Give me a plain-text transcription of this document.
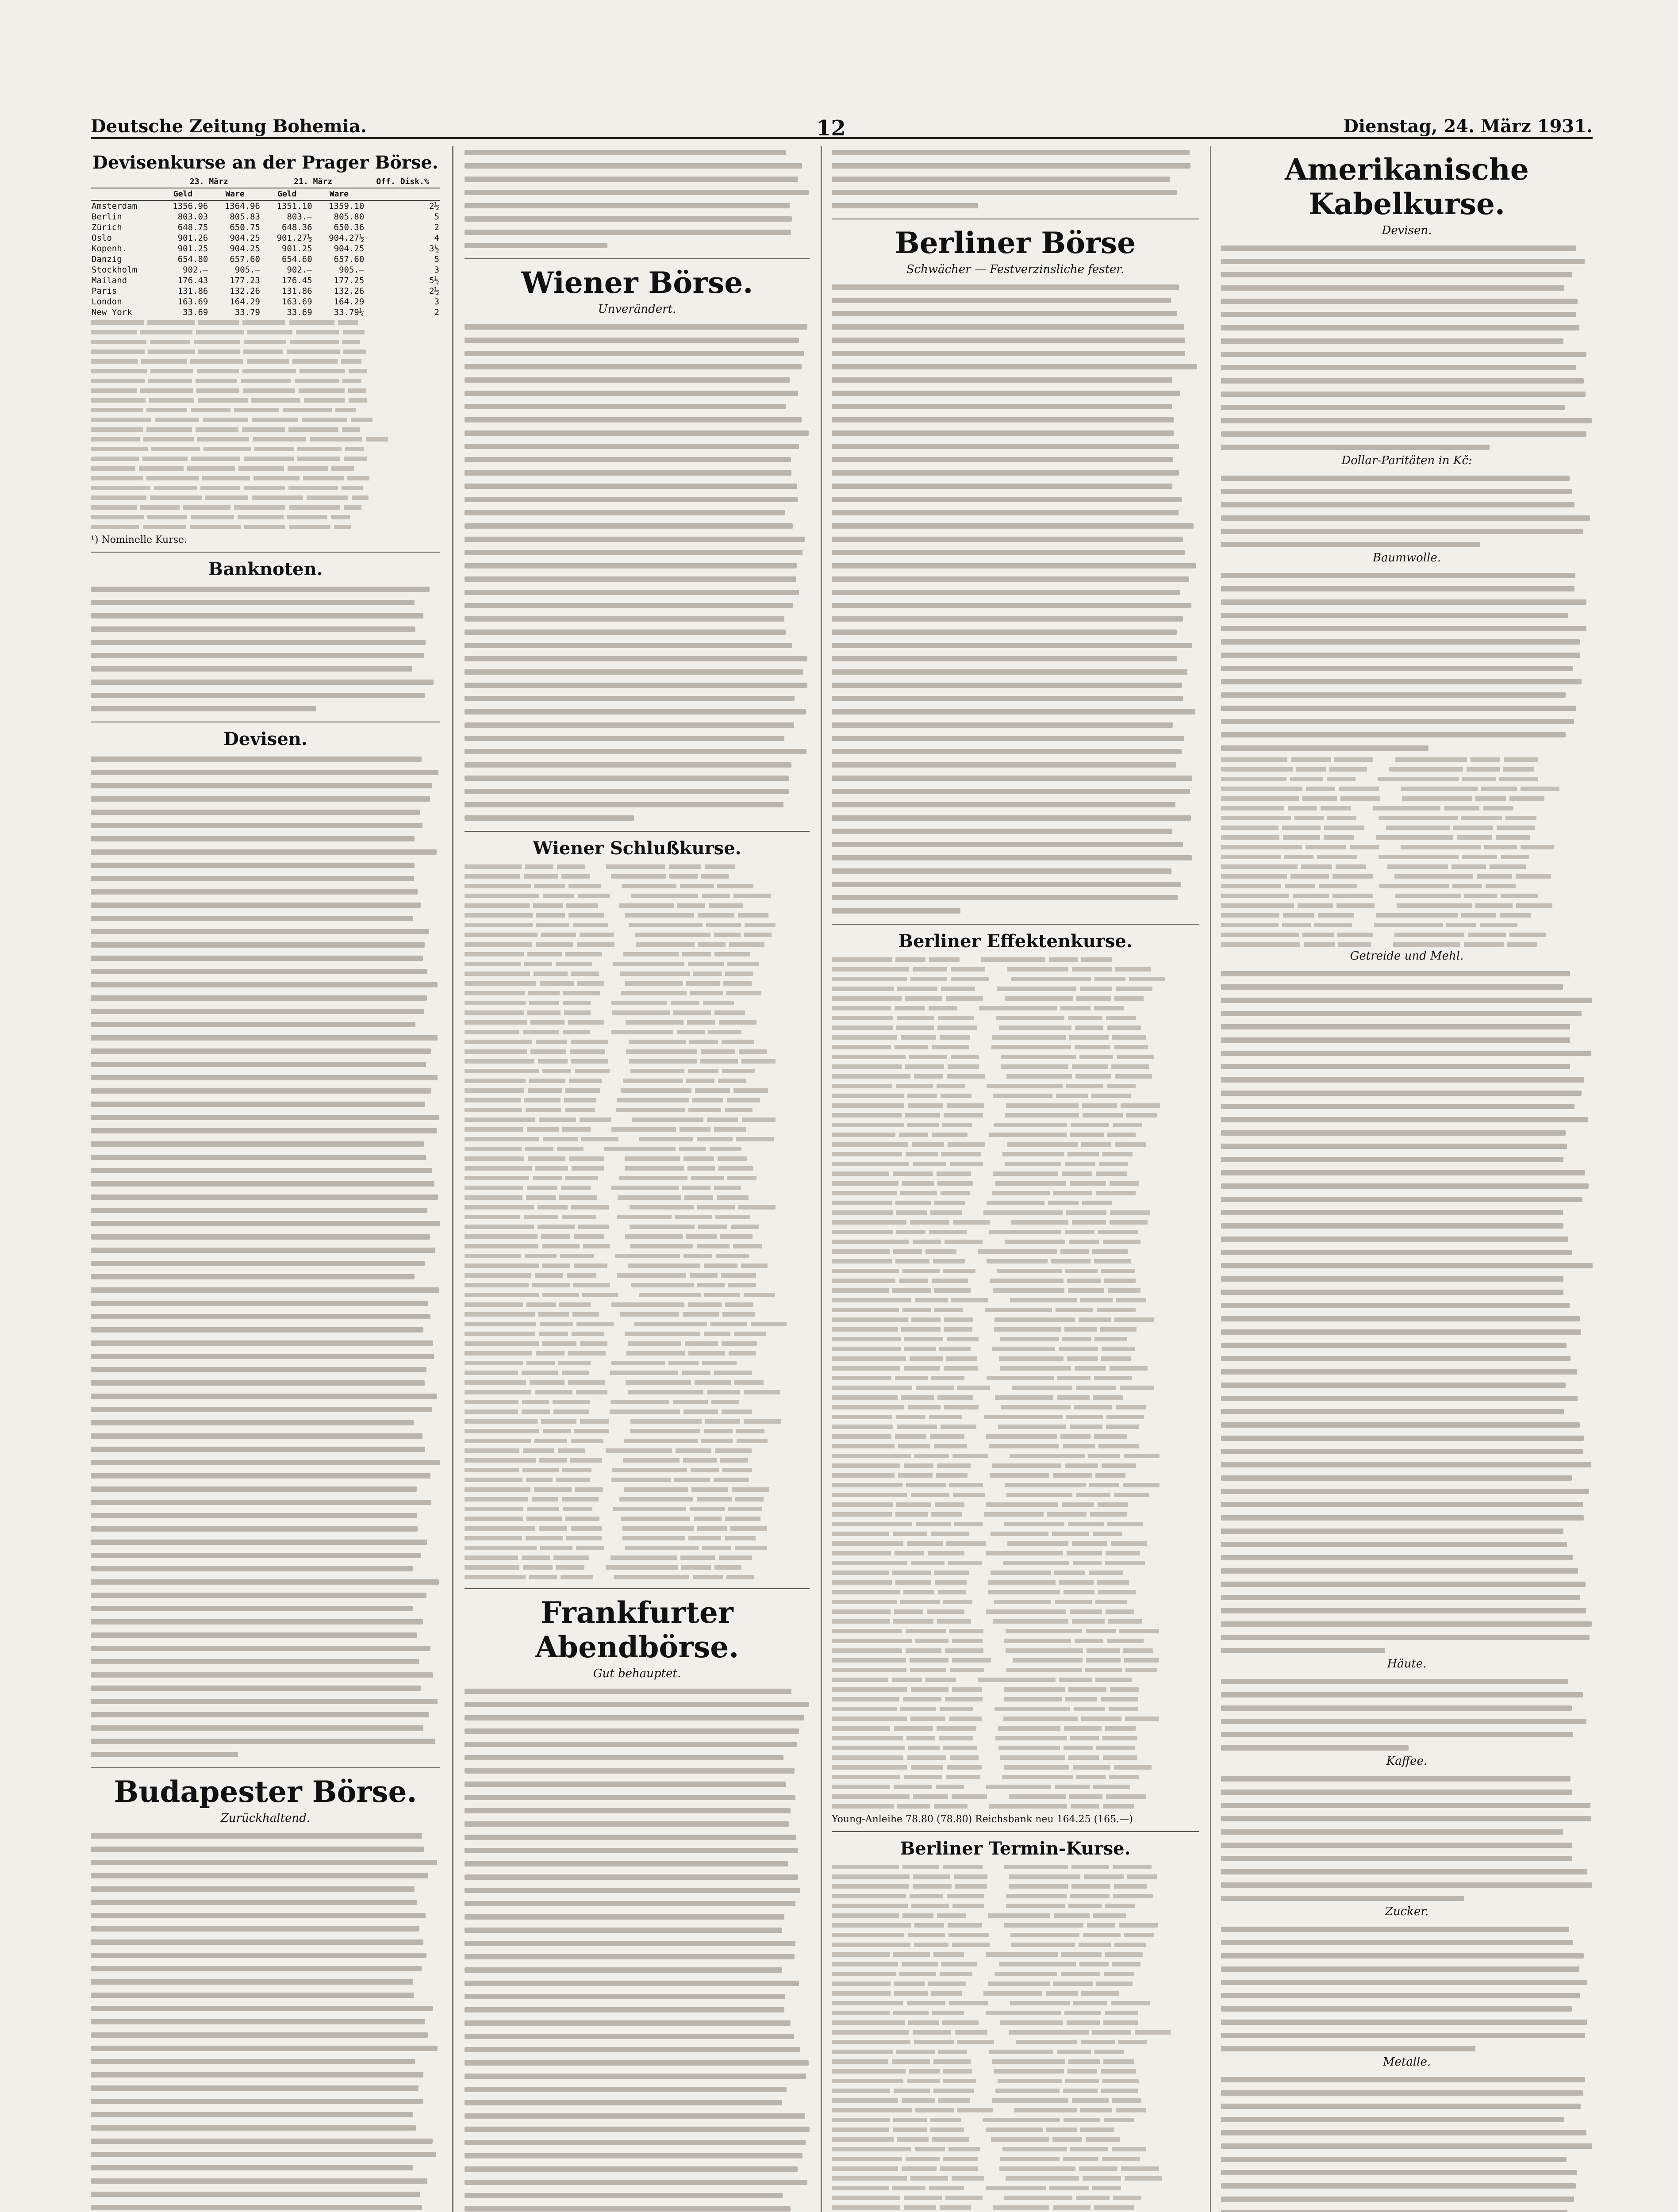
Deutsche Zeitung Bohemia.	12	Dienstag, 24. März 1931.
Devisenkurse an der Prager Börse.
	23. März		21. März		Off. Disk.%
	Geld	Ware	Geld	Ware	
Amsterdam	1356.96	1364.96	1351.10	1359.10	2½
Berlin	803.03	805.83	803.—	805.80	5
Zürich	648.75	650.75	648.36	650.36	2
Oslo	901.26	904.25	901.27½	904.27½	4
Kopenh.	901.25	904.25	901.25	904.25	3½
Danzig	654.80	657.60	654.60	657.60	5
Stockholm	902.—	905.—	902.—	905.—	3
Mailand	176.43	177.23	176.45	177.25	5½
Paris	131.86	132.26	131.86	132.26	2½
London	163.69	164.29	163.69	164.29	3
New York	33.69	33.79	33.69	33.79¼	2
¹) Nominelle Kurse.
Banknoten.
Devisen.
Budapester Börse.
Zurückhaltend.
Wiener Börse.
Unverändert.
Wiener Schlußkurse.
Frankfurter Abendbörse.
Gut behauptet.
Berliner Börse
Schwächer — Festverzinsliche fester.
Berliner Effektenkurse.
Young-Anleihe 78.80 (78.80) Reichsbank neu 164.25 (165.—)
Berliner Termin-Kurse.
Amerikanische Kabelkurse.
Devisen.
Dollar-Paritäten in Kč:
Baumwolle.
Getreide und Mehl.
Häute.
Kaffee.
Zucker.
Metalle.
